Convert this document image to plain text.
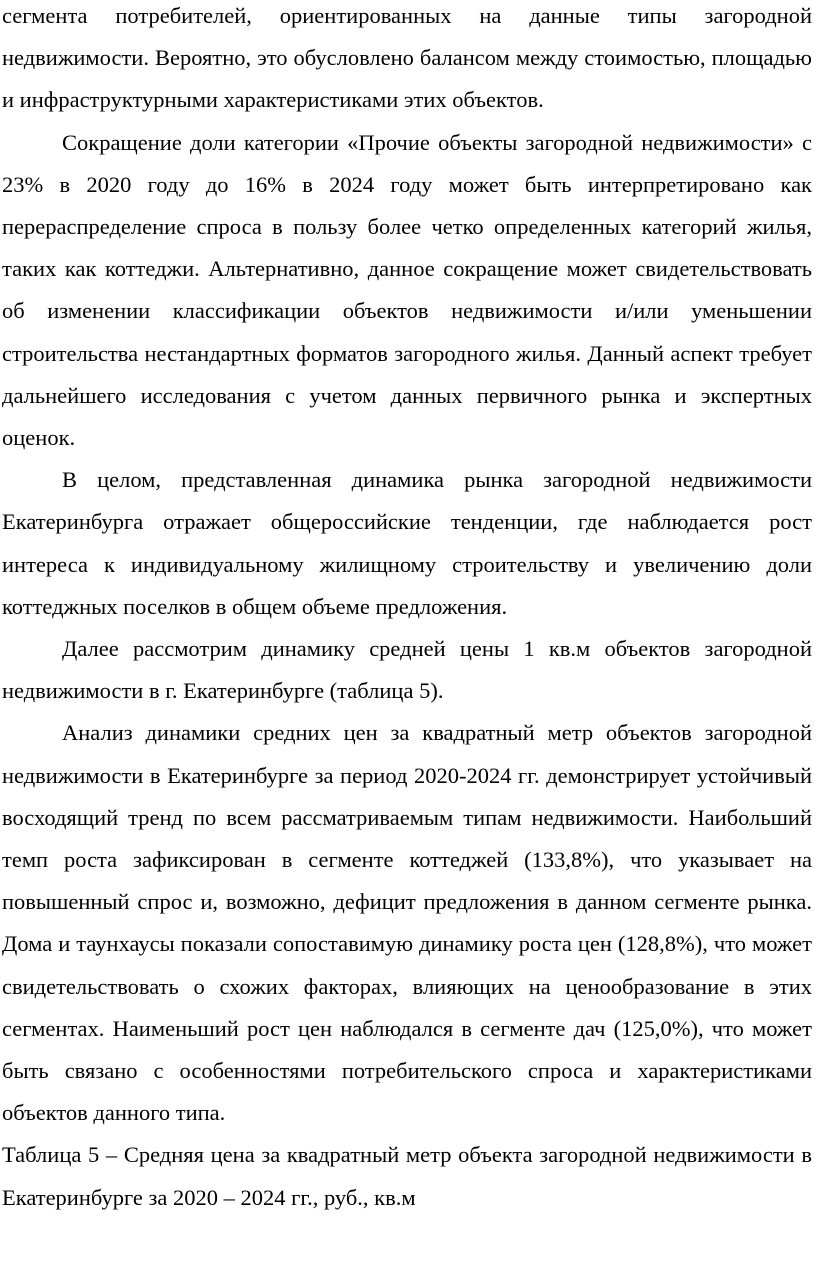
сегмента потребителей, ориентированных на данные типы загородной недвижимости. Вероятно, это обусловлено балансом между стоимостью, площадью и инфраструктурными характеристиками этих объектов.

Сокращение доли категории «Прочие объекты загородной недвижимости» с 23% в 2020 году до 16% в 2024 году может быть интерпретировано как перераспределение спроса в пользу более четко определенных категорий жилья, таких как коттеджи. Альтернативно, данное сокращение может свидетельствовать об изменении классификации объектов недвижимости и/или уменьшении строительства нестандартных форматов загородного жилья. Данный аспект требует дальнейшего исследования с учетом данных первичного рынка и экспертных оценок.

В целом, представленная динамика рынка загородной недвижимости Екатеринбурга отражает общероссийские тенденции, где наблюдается рост интереса к индивидуальному жилищному строительству и увеличению доли коттеджных поселков в общем объеме предложения.

Далее рассмотрим динамику средней цены 1 кв.м объектов загородной недвижимости в г. Екатеринбурге (таблица 5).

Анализ динамики средних цен за квадратный метр объектов загородной недвижимости в Екатеринбурге за период 2020-2024 гг. демонстрирует устойчивый восходящий тренд по всем рассматриваемым типам недвижимости. Наибольший темп роста зафиксирован в сегменте коттеджей (133,8%), что указывает на повышенный спрос и, возможно, дефицит предложения в данном сегменте рынка. Дома и таунхаусы показали сопоставимую динамику роста цен (128,8%), что может свидетельствовать о схожих факторах, влияющих на ценообразование в этих сегментах. Наименьший рост цен наблюдался в сегменте дач (125,0%), что может быть связано с особенностями потребительского спроса и характеристиками объектов данного типа.

Таблица 5 – Средняя цена за квадратный метр объекта загородной недвижимости в Екатеринбурге за 2020 – 2024 гг., руб., кв.м
